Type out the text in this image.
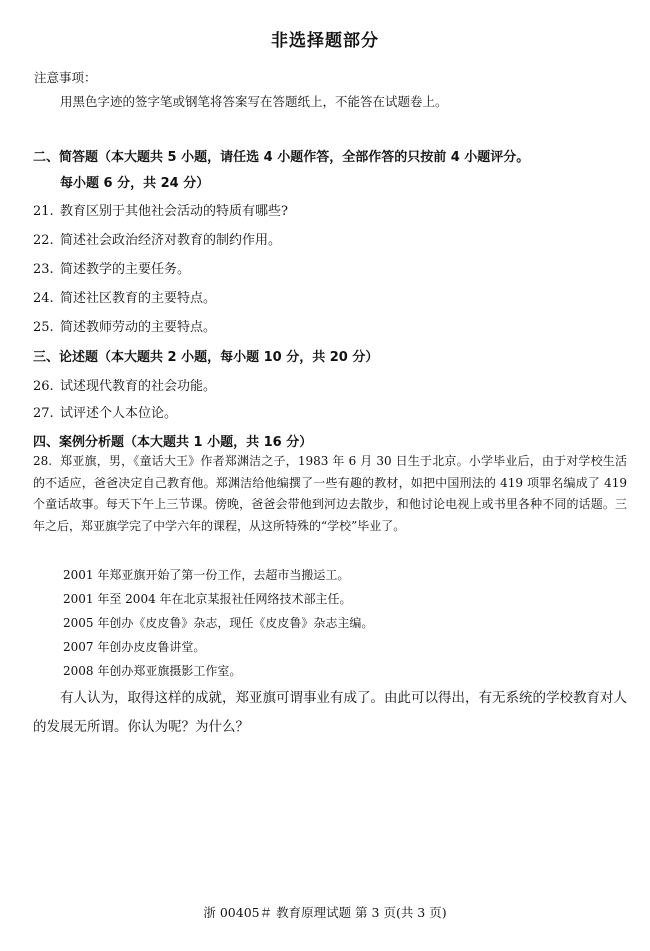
非选择题部分
注意事项：
用黑色字迹的签字笔或钢笔将答案写在答题纸上，不能答在试题卷上。
二、简答题（本大题共 5 小题，请任选 4 小题作答，全部作答的只按前 4 小题评分。
每小题 6 分，共 24 分）
21. 教育区别于其他社会活动的特质有哪些?
22. 简述社会政治经济对教育的制约作用。
23. 简述教学的主要任务。
24. 简述社区教育的主要特点。
25. 简述教师劳动的主要特点。
三、论述题（本大题共 2 小题，每小题 10 分，共 20 分）
26. 试述现代教育的社会功能。
27. 试评述个人本位论。
四、案例分析题（本大题共 1 小题，共 16 分）
28. 郑亚旗，男，《童话大王》作者郑渊洁之子，1983 年 6 月 30 日生于北京。小学毕业后，由于对学校生活的不适应，爸爸决定自己教育他。郑渊洁给他编撰了一些有趣的教材，如把中国刑法的 419 项罪名编成了 419 个童话故事。每天下午上三节课。傍晚，爸爸会带他到河边去散步，和他讨论电视上或书里各种不同的话题。三年之后，郑亚旗学完了中学六年的课程，从这所特殊的“学校”毕业了。
2001 年郑亚旗开始了第一份工作，去超市当搬运工。
2001 年至 2004 年在北京某报社任网络技术部主任。
2005 年创办《皮皮鲁》杂志，现任《皮皮鲁》杂志主编。
2007 年创办皮皮鲁讲堂。
2008 年创办郑亚旗摄影工作室。
有人认为，取得这样的成就，郑亚旗可谓事业有成了。由此可以得出，有无系统的学校教育对人的发展无所谓。你认为呢？为什么？
浙 00405＃ 教育原理试题 第 3 页(共 3 页)
